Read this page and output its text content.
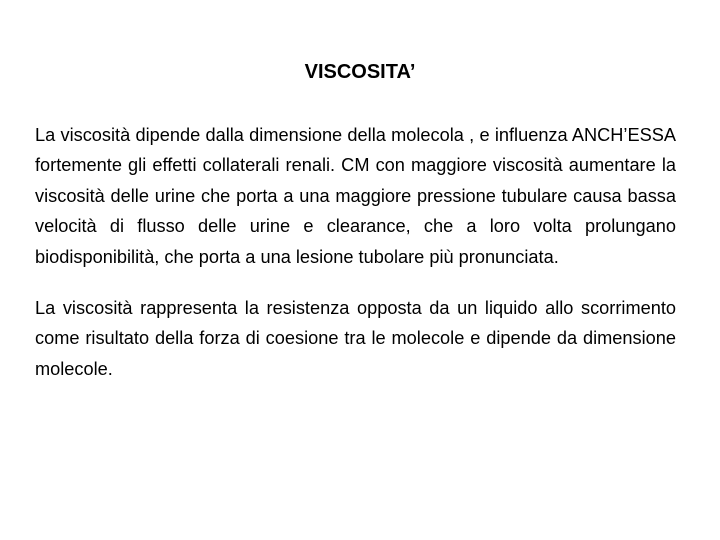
VISCOSITA’

La viscosità dipende dalla dimensione della molecola , e influenza ANCH’ESSA fortemente gli effetti collaterali renali. CM con maggiore viscosità aumentare la viscosità delle urine che porta a una maggiore pressione tubulare causa bassa velocità di flusso delle urine e clearance, che a loro volta prolungano biodisponibilità, che porta a una lesione tubolare più pronunciata.

La viscosità rappresenta la resistenza opposta da un liquido allo scorrimento come risultato della forza di coesione tra le molecole e dipende da dimensione molecole.
